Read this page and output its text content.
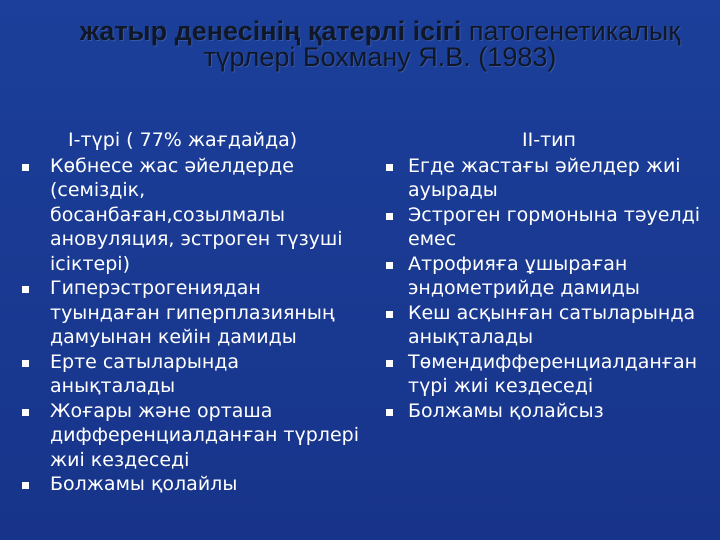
жатыр денесінің қатерлі ісігі патогенетикалық
түрлері Бохману Я.В. (1983)
І-түрі ( 77% жағдайда)
Көбнесе жас әйелдерде (семіздік, босанбаған,созылмалы ановуляция, эстроген түзуші ісіктері)
Гиперэстрогениядан туындаған гиперплазияның дамуынан кейін дамиды
Ерте сатыларында анықталады
Жоғары және орташа дифференциалданған түрлері жиі кездеседі
Болжамы қолайлы
ІІ-тип
Егде жастағы әйелдер жиі ауырады
Эстроген гормонына тәуелді емес
Атрофияға ұшыраған эндометрийде дамиды
Кеш асқынған сатыларында анықталады
Төмендифференциалданған түрі жиі кездеседі
Болжамы қолайсыз
